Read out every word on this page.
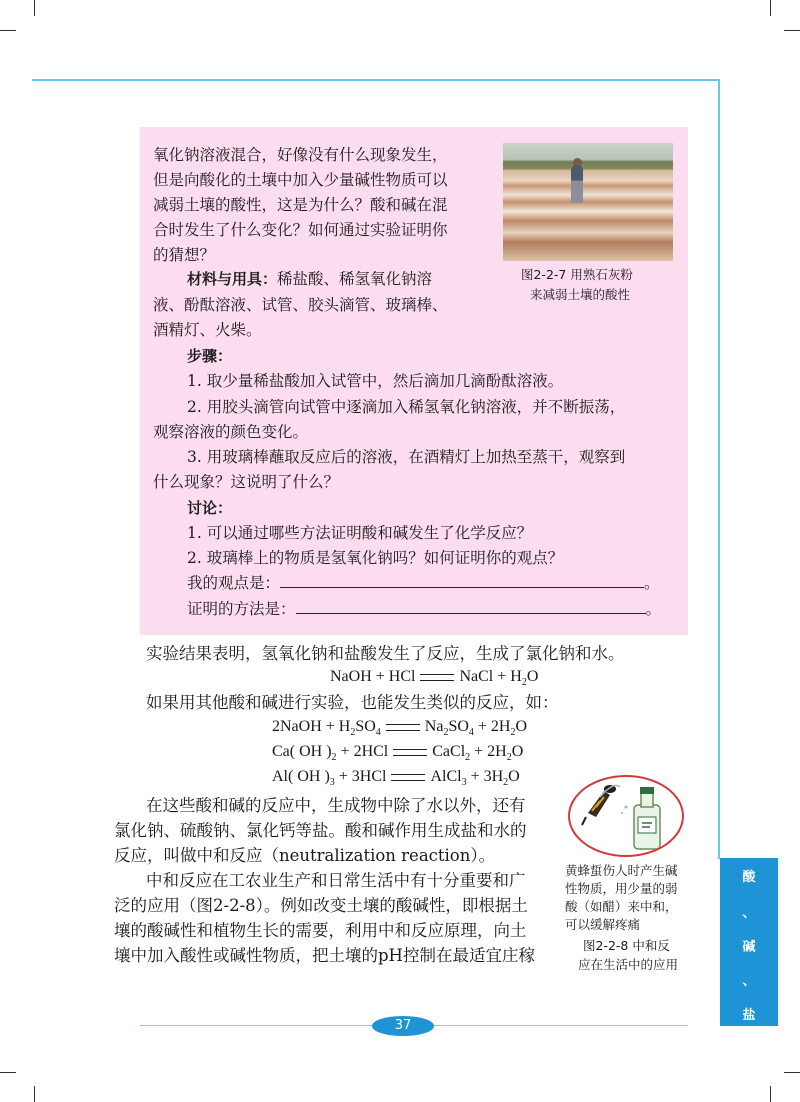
氧化钠溶液混合，好像没有什么现象发生，
但是向酸化的土壤中加入少量碱性物质可以
减弱土壤的酸性，这是为什么？酸和碱在混
合时发生了什么变化？如何通过实验证明你
的猜想？
材料与用具：稀盐酸、稀氢氧化钠溶
液、酚酞溶液、试管、胶头滴管、玻璃棒、
酒精灯、火柴。
步骤：
1. 取少量稀盐酸加入试管中，然后滴加几滴酚酞溶液。
2. 用胶头滴管向试管中逐滴加入稀氢氧化钠溶液，并不断振荡，
观察溶液的颜色变化。
3. 用玻璃棒蘸取反应后的溶液，在酒精灯上加热至蒸干，观察到
什么现象？这说明了什么？
讨论：
1. 可以通过哪些方法证明酸和碱发生了化学反应？
2. 玻璃棒上的物质是氢氧化钠吗？如何证明你的观点？
我的观点是：	。
证明的方法是：	。
图2-2-7 用熟石灰粉
来减弱土壤的酸性
实验结果表明，氢氧化钠和盐酸发生了反应，生成了氯化钠和水。
NaOH + HCl	NaCl + $H_2O$
如果用其他酸和碱进行实验，也能发生类似的反应，如：
2NaOH + $H_2SO_4$	$Na_2SO_4 + 2H_2O$
Ca( OH )$_2 + 2HCl$	CaCl$_2$ + $2H_2O$
Al( OH )$_3 + 3HCl$	AlCl$_3$ + $3H_2O$
在这些酸和碱的反应中，生成物中除了水以外，还有
氯化钠、硫酸钠、氯化钙等盐。酸和碱作用生成盐和水的
反应，叫做中和反应（neutralization reaction）。
中和反应在工农业生产和日常生活中有十分重要和广
泛的应用（图2-2-8）。例如改变土壤的酸碱性，即根据土
壤的酸碱性和植物生长的需要，利用中和反应原理，向土
壤中加入酸性或碱性物质，把土壤的pH控制在最适宜庄稼
黄蜂蜇伤人时产生碱
性物质，用少量的弱
酸（如醋）来中和，
可以缓解疼痛
图2-2-8 中和反
应在生活中的应用
酸
、
碱
、
盐
37
